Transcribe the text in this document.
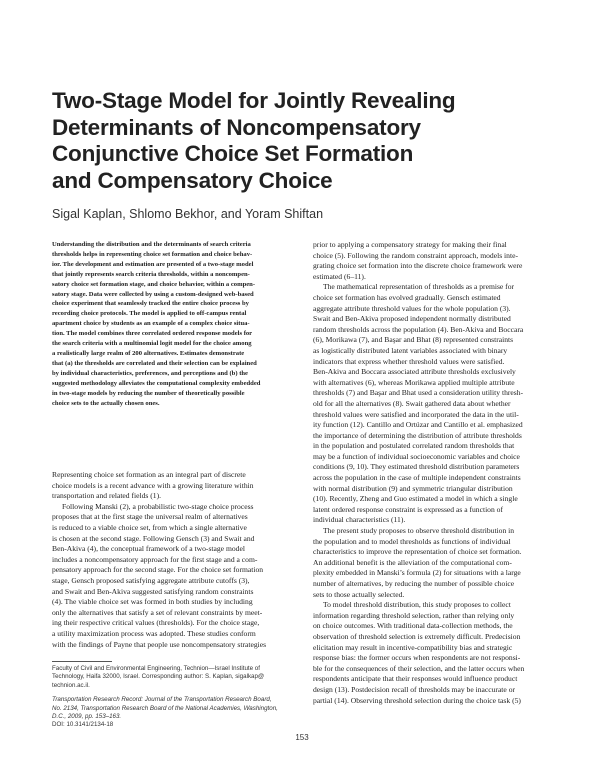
Two-Stage Model for Jointly Revealing
Determinants of Noncompensatory
Conjunctive Choice Set Formation
and Compensatory Choice
Sigal Kaplan, Shlomo Bekhor, and Yoram Shiftan
Understanding the distribution and the determinants of search criteria
thresholds helps in representing choice set formation and choice behav-
ior. The development and estimation are presented of a two-stage model
that jointly represents search criteria thresholds, within a noncompen-
satory choice set formation stage, and choice behavior, within a compen-
satory stage. Data were collected by using a custom-designed web-based
choice experiment that seamlessly tracked the entire choice process by
recording choice protocols. The model is applied to off-campus rental
apartment choice by students as an example of a complex choice situa-
tion. The model combines three correlated ordered response models for
the search criteria with a multinomial logit model for the choice among
a realistically large realm of 200 alternatives. Estimates demonstrate
that (a) the thresholds are correlated and their selection can be explained
by individual characteristics, preferences, and perceptions and (b) the
suggested methodology alleviates the computational complexity embedded
in two-stage models by reducing the number of theoretically possible
choice sets to the actually chosen ones.
Representing choice set formation as an integral part of discrete
choice models is a recent advance with a growing literature within
transportation and related fields (1).
Following Manski (2), a probabilistic two-stage choice process
proposes that at the first stage the universal realm of alternatives
is reduced to a viable choice set, from which a single alternative
is chosen at the second stage. Following Gensch (3) and Swait and
Ben-Akiva (4), the conceptual framework of a two-stage model
includes a noncompensatory approach for the first stage and a com-
pensatory approach for the second stage. For the choice set formation
stage, Gensch proposed satisfying aggregate attribute cutoffs (3),
and Swait and Ben-Akiva suggested satisfying random constraints
(4). The viable choice set was formed in both studies by including
only the alternatives that satisfy a set of relevant constraints by meet-
ing their respective critical values (thresholds). For the choice stage,
a utility maximization process was adopted. These studies conform
with the findings of Payne that people use noncompensatory strategies
prior to applying a compensatory strategy for making their final
choice (5). Following the random constraint approach, models inte-
grating choice set formation into the discrete choice framework were
estimated (6–11).
The mathematical representation of thresholds as a premise for
choice set formation has evolved gradually. Gensch estimated
aggregate attribute threshold values for the whole population (3).
Swait and Ben-Akiva proposed independent normally distributed
random thresholds across the population (4). Ben-Akiva and Boccara
(6), Morikawa (7), and Başar and Bhat (8) represented constraints
as logistically distributed latent variables associated with binary
indicators that express whether threshold values were satisfied.
Ben-Akiva and Boccara associated attribute thresholds exclusively
with alternatives (6), whereas Morikawa applied multiple attribute
thresholds (7) and Başar and Bhat used a consideration utility thresh-
old for all the alternatives (8). Swait gathered data about whether
threshold values were satisfied and incorporated the data in the util-
ity function (12). Cantillo and Ortúzar and Cantillo et al. emphasized
the importance of determining the distribution of attribute thresholds
in the population and postulated correlated random thresholds that
may be a function of individual socioeconomic variables and choice
conditions (9, 10). They estimated threshold distribution parameters
across the population in the case of multiple independent constraints
with normal distribution (9) and symmetric triangular distribution
(10). Recently, Zheng and Guo estimated a model in which a single
latent ordered response constraint is expressed as a function of
individual characteristics (11).
The present study proposes to observe threshold distribution in
the population and to model thresholds as functions of individual
characteristics to improve the representation of choice set formation.
An additional benefit is the alleviation of the computational com-
plexity embedded in Manski’s formula (2) for situations with a large
number of alternatives, by reducing the number of possible choice
sets to those actually selected.
To model threshold distribution, this study proposes to collect
information regarding threshold selection, rather than relying only
on choice outcomes. With traditional data-collection methods, the
observation of threshold selection is extremely difficult. Predecision
elicitation may result in incentive-compatibility bias and strategic
response bias: the former occurs when respondents are not responsi-
ble for the consequences of their selection, and the latter occurs when
respondents anticipate that their responses would influence product
design (13). Postdecision recall of thresholds may be inaccurate or
partial (14). Observing threshold selection during the choice task (5)
Faculty of Civil and Environmental Engineering, Technion—Israel Institute of
Technology, Haifa 32000, Israel. Corresponding author: S. Kaplan, sigalkap@
technion.ac.il.
Transportation Research Record: Journal of the Transportation Research Board,
No. 2134, Transportation Research Board of the National Academies, Washington,
D.C., 2009, pp. 153–163.
DOI: 10.3141/2134-18
153
